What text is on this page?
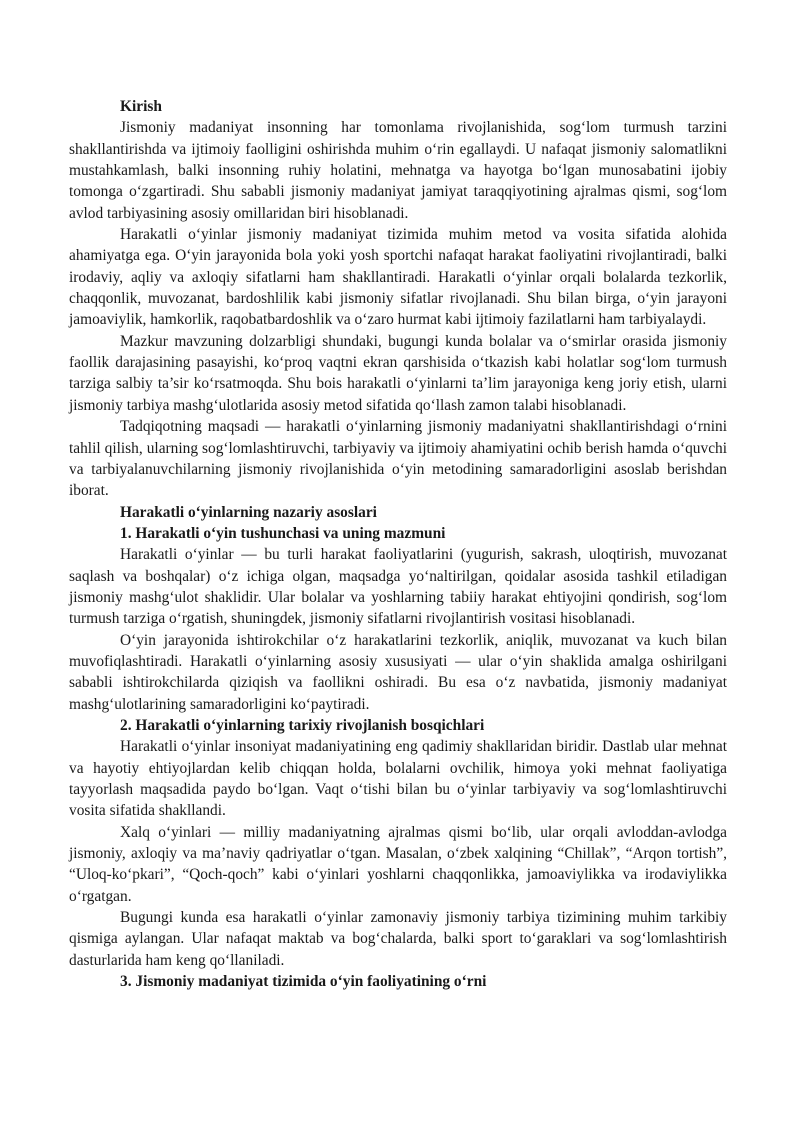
Kirish

Jismoniy madaniyat insonning har tomonlama rivojlanishida, sog‘lom turmush tarzini shakllantirishda va ijtimoiy faolligini oshirishda muhim o‘rin egallaydi. U nafaqat jismoniy salomatlikni mustahkamlash, balki insonning ruhiy holatini, mehnatga va hayotga bo‘lgan munosabatini ijobiy tomonga o‘zgartiradi. Shu sababli jismoniy madaniyat jamiyat taraqqiyotining ajralmas qismi, sog‘lom avlod tarbiyasining asosiy omillaridan biri hisoblanadi.

Harakatli o‘yinlar jismoniy madaniyat tizimida muhim metod va vosita sifatida alohida ahamiyatga ega. O‘yin jarayonida bola yoki yosh sportchi nafaqat harakat faoliyatini rivojlantiradi, balki irodaviy, aqliy va axloqiy sifatlarni ham shakllantiradi. Harakatli o‘yinlar orqali bolalarda tezkorlik, chaqqonlik, muvozanat, bardoshlilik kabi jismoniy sifatlar rivojlanadi. Shu bilan birga, o‘yin jarayoni jamoaviylik, hamkorlik, raqobatbardoshlik va o‘zaro hurmat kabi ijtimoiy fazilatlarni ham tarbiyalaydi.

Mazkur mavzuning dolzarbligi shundaki, bugungi kunda bolalar va o‘smirlar orasida jismoniy faollik darajasining pasayishi, ko‘proq vaqtni ekran qarshisida o‘tkazish kabi holatlar sog‘lom turmush tarziga salbiy ta’sir ko‘rsatmoqda. Shu bois harakatli o‘yinlarni ta’lim jarayoniga keng joriy etish, ularni jismoniy tarbiya mashg‘ulotlarida asosiy metod sifatida qo‘llash zamon talabi hisoblanadi.

Tadqiqotning maqsadi — harakatli o‘yinlarning jismoniy madaniyatni shakllantirishdagi o‘rnini tahlil qilish, ularning sog‘lomlashtiruvchi, tarbiyaviy va ijtimoiy ahamiyatini ochib berish hamda o‘quvchi va tarbiyalanuvchilarning jismoniy rivojlanishida o‘yin metodining samaradorligini asoslab berishdan iborat.

Harakatli o‘yinlarning nazariy asoslari
1. Harakatli o‘yin tushunchasi va uning mazmuni

Harakatli o‘yinlar — bu turli harakat faoliyatlarini (yugurish, sakrash, uloqtirish, muvozanat saqlash va boshqalar) o‘z ichiga olgan, maqsadga yo‘naltirilgan, qoidalar asosida tashkil etiladigan jismoniy mashg‘ulot shaklidir. Ular bolalar va yoshlarning tabiiy harakat ehtiyojini qondirish, sog‘lom turmush tarziga o‘rgatish, shuningdek, jismoniy sifatlarni rivojlantirish vositasi hisoblanadi.

O‘yin jarayonida ishtirokchilar o‘z harakatlarini tezkorlik, aniqlik, muvozanat va kuch bilan muvofiqlashtiradi. Harakatli o‘yinlarning asosiy xususiyati — ular o‘yin shaklida amalga oshirilgani sababli ishtirokchilarda qiziqish va faollikni oshiradi. Bu esa o‘z navbatida, jismoniy madaniyat mashg‘ulotlarining samaradorligini ko‘paytiradi.

2. Harakatli o‘yinlarning tarixiy rivojlanish bosqichlari

Harakatli o‘yinlar insoniyat madaniyatining eng qadimiy shakllaridan biridir. Dastlab ular mehnat va hayotiy ehtiyojlardan kelib chiqqan holda, bolalarni ovchilik, himoya yoki mehnat faoliyatiga tayyorlash maqsadida paydo bo‘lgan. Vaqt o‘tishi bilan bu o‘yinlar tarbiyaviy va sog‘lomlashtiruvchi vosita sifatida shakllandi.

Xalq o‘yinlari — milliy madaniyatning ajralmas qismi bo‘lib, ular orqali avloddan-avlodga jismoniy, axloqiy va ma’naviy qadriyatlar o‘tgan. Masalan, o‘zbek xalqining “Chillak”, “Arqon tortish”, “Uloq-ko‘pkari”, “Qoch-qoch” kabi o‘yinlari yoshlarni chaqqonlikka, jamoaviylikka va irodaviylikka o‘rgatgan.

Bugungi kunda esa harakatli o‘yinlar zamonaviy jismoniy tarbiya tizimining muhim tarkibiy qismiga aylangan. Ular nafaqat maktab va bog‘chalarda, balki sport to‘garaklari va sog‘lomlashtirish dasturlarida ham keng qo‘llaniladi.

3. Jismoniy madaniyat tizimida o‘yin faoliyatining o‘rni
